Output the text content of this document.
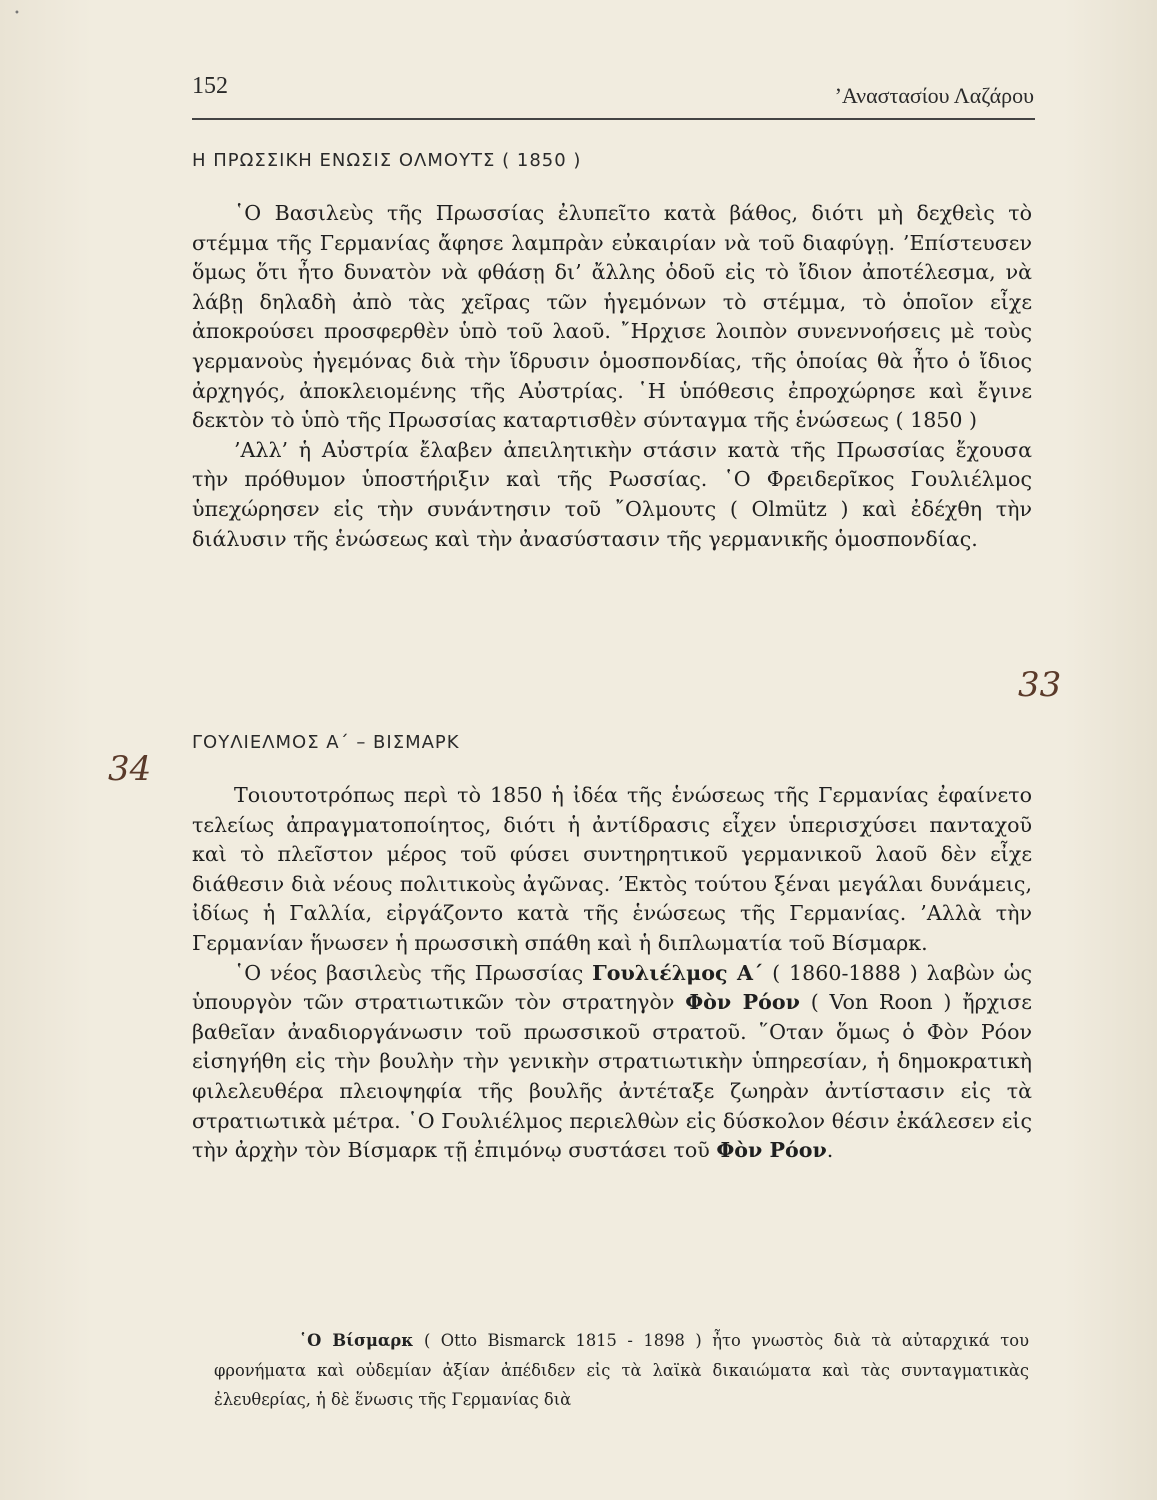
•
152	’Αναστασίου Λαζάρου
Η ΠΡΩΣΣΙΚΗ ΕΝΩΣΙΣ ΟΛΜΟΥΤΣ ( 1850 )

῾Ο Βασιλεὺς τῆς Πρωσσίας ἐλυπεῖτο κατὰ βάθος, διότι μὴ δεχθεὶς τὸ στέμμα τῆς Γερμανίας ἄφησε λαμπρὰν εὐκαιρίαν νὰ τοῦ διαφύγῃ. ’Επίστευσεν ὅμως ὅτι ἦτο δυνατὸν νὰ φθάσῃ δι’ ἄλλης ὁδοῦ εἰς τὸ ἴδιον ἀποτέλεσμα, νὰ λάβῃ δηλαδὴ ἀπὸ τὰς χεῖρας τῶν ἡγεμόνων τὸ στέμμα, τὸ ὁποῖον εἶχε ἀποκρούσει προσφερθὲν ὑπὸ τοῦ λαοῦ. ῎Ηρχισε λοιπὸν συνεννοήσεις μὲ τοὺς γερμανοὺς ἡγεμόνας διὰ τὴν ἵδρυσιν ὁμοσπονδίας, τῆς ὁποίας θὰ ἦτο ὁ ἴδιος ἀρχηγός, ἀποκλειομένης τῆς Αὐστρίας. ῾Η ὑπόθεσις ἐπροχώρησε καὶ ἔγινε δεκτὸν τὸ ὑπὸ τῆς Πρωσσίας καταρτισθὲν σύνταγμα τῆς ἑνώσεως ( 1850 )

’Αλλ’ ἡ Αὐστρία ἔλαβεν ἀπειλητικὴν στάσιν κατὰ τῆς Πρωσσίας ἔχουσα τὴν πρόθυμον ὑποστήριξιν καὶ τῆς Ρωσσίας. ῾Ο Φρειδερῖκος Γουλιέλμος ὑπεχώρησεν εἰς τὴν συνάντησιν τοῦ ῎Ολμουτς ( Olmütz ) καὶ ἐδέχθη τὴν διάλυσιν τῆς ἑνώσεως καὶ τὴν ἀνασύστασιν τῆς γερμανικῆς ὁμοσπονδίας.

33
ΓΟΥΛΙΕΛΜΟΣ Α΄ – ΒΙΣΜΑΡΚ
34

Τοιουτοτρόπως περὶ τὸ 1850 ἡ ἰδέα τῆς ἑνώσεως τῆς Γερμανίας ἐφαίνετο τελείως ἀπραγματοποίητος, διότι ἡ ἀντίδρασις εἶχεν ὑπερισχύσει πανταχοῦ καὶ τὸ πλεῖστον μέρος τοῦ φύσει συντηρητικοῦ γερμανικοῦ λαοῦ δὲν εἶχε διάθεσιν διὰ νέους πολιτικοὺς ἀγῶνας. ’Εκτὸς τούτου ξέναι μεγάλαι δυνάμεις, ἰδίως ἡ Γαλλία, εἰργάζοντο κατὰ τῆς ἑνώσεως τῆς Γερμανίας. ’Αλλὰ τὴν Γερμανίαν ἥνωσεν ἡ πρωσσικὴ σπάθη καὶ ἡ διπλωματία τοῦ Βίσμαρκ.

῾Ο νέος βασιλεὺς τῆς Πρωσσίας Γουλιέλμος Α΄ ( 1860-1888 ) λαβὼν ὡς ὑπουργὸν τῶν στρατιωτικῶν τὸν στρατηγὸν Φὸν Ρόον ( Von Roon ) ἤρχισε βαθεῖαν ἀναδιοργάνωσιν τοῦ πρωσσικοῦ στρατοῦ. ῞Οταν ὅμως ὁ Φὸν Ρόον εἰσηγήθη εἰς τὴν βουλὴν τὴν γενικὴν στρατιωτικὴν ὑπηρεσίαν, ἡ δημοκρατικὴ φιλελευθέρα πλειοψηφία τῆς βουλῆς ἀντέταξε ζωηρὰν ἀντίστασιν εἰς τὰ στρατιωτικὰ μέτρα. ῾Ο Γουλιέλμος περιελθὼν εἰς δύσκολον θέσιν ἐκάλεσεν εἰς τὴν ἀρχὴν τὸν Βίσμαρκ τῇ ἐπιμόνῳ συστάσει τοῦ Φὸν Ρόον.

῾Ο Βίσμαρκ ( Otto Bismarck 1815 - 1898 ) ἦτο γνωστὸς διὰ τὰ αὐταρχικά του φρονήματα καὶ οὐδεμίαν ἀξίαν ἀπέδιδεν εἰς τὰ λαϊκὰ δικαιώματα καὶ τὰς συνταγματικὰς ἐλευθερίας, ἡ δὲ ἕνωσις τῆς Γερμανίας διὰ
